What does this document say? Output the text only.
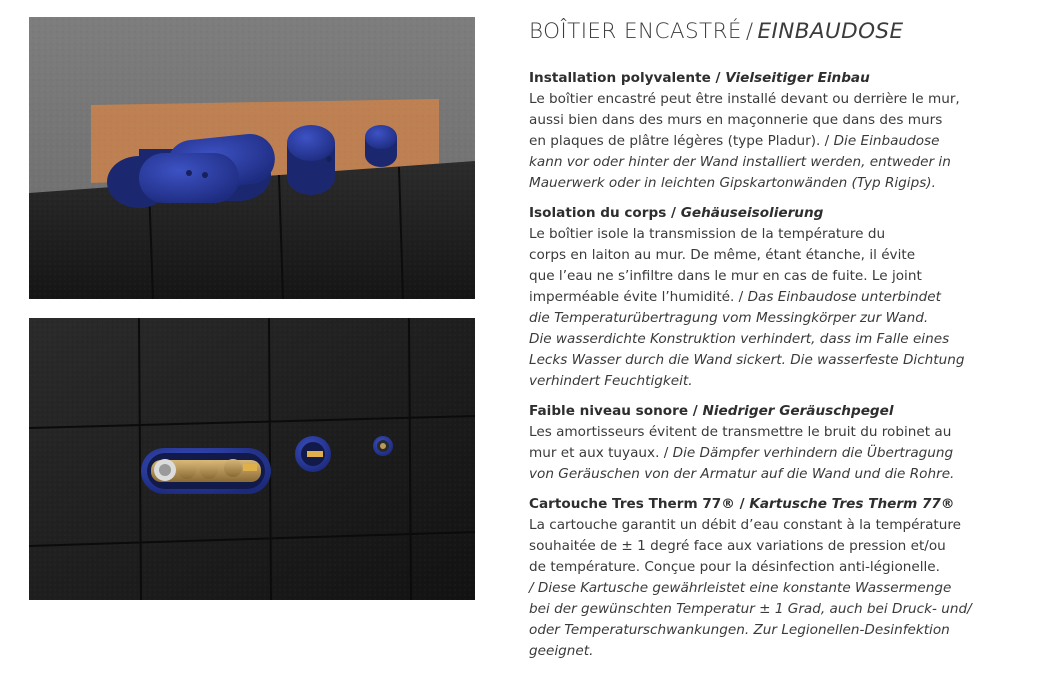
BOÎTIER ENCASTRÉ / EINBAUDOSE
Installation polyvalente / Vielseitiger Einbau

Le boîtier encastré peut être installé devant ou derrière le mur,
aussi bien dans des murs en maçonnerie que dans des murs
en plaques de plâtre légères (type Pladur). / Die Einbaudose
kann vor oder hinter der Wand installiert werden, entweder in
Mauerwerk oder in leichten Gipskartonwänden (Typ Rigips).

Isolation du corps / Gehäuseisolierung

Le boîtier isole la transmission de la température du
corps en laiton au mur. De même, étant étanche, il évite
que l’eau ne s’infiltre dans le mur en cas de fuite. Le joint
imperméable évite l’humidité. / Das Einbaudose unterbindet
die Temperaturübertragung vom Messingkörper zur Wand.
Die wasserdichte Konstruktion verhindert, dass im Falle eines
Lecks Wasser durch die Wand sickert. Die wasserfeste Dichtung
verhindert Feuchtigkeit.

Faible niveau sonore / Niedriger Geräuschpegel

Les amortisseurs évitent de transmettre le bruit du robinet au
mur et aux tuyaux. / Die Dämpfer verhindern die Übertragung
von Geräuschen von der Armatur auf die Wand und die Rohre.

Cartouche Tres Therm 77® / Kartusche Tres Therm 77®

La cartouche garantit un débit d’eau constant à la température
souhaitée de ± 1 degré face aux variations de pression et/ou
de température. Conçue pour la désinfection anti-légionelle.
/ Diese Kartusche gewährleistet eine konstante Wassermenge
bei der gewünschten Temperatur ± 1 Grad, auch bei Druck- und/
oder Temperaturschwankungen. Zur Legionellen-Desinfektion
geeignet.
